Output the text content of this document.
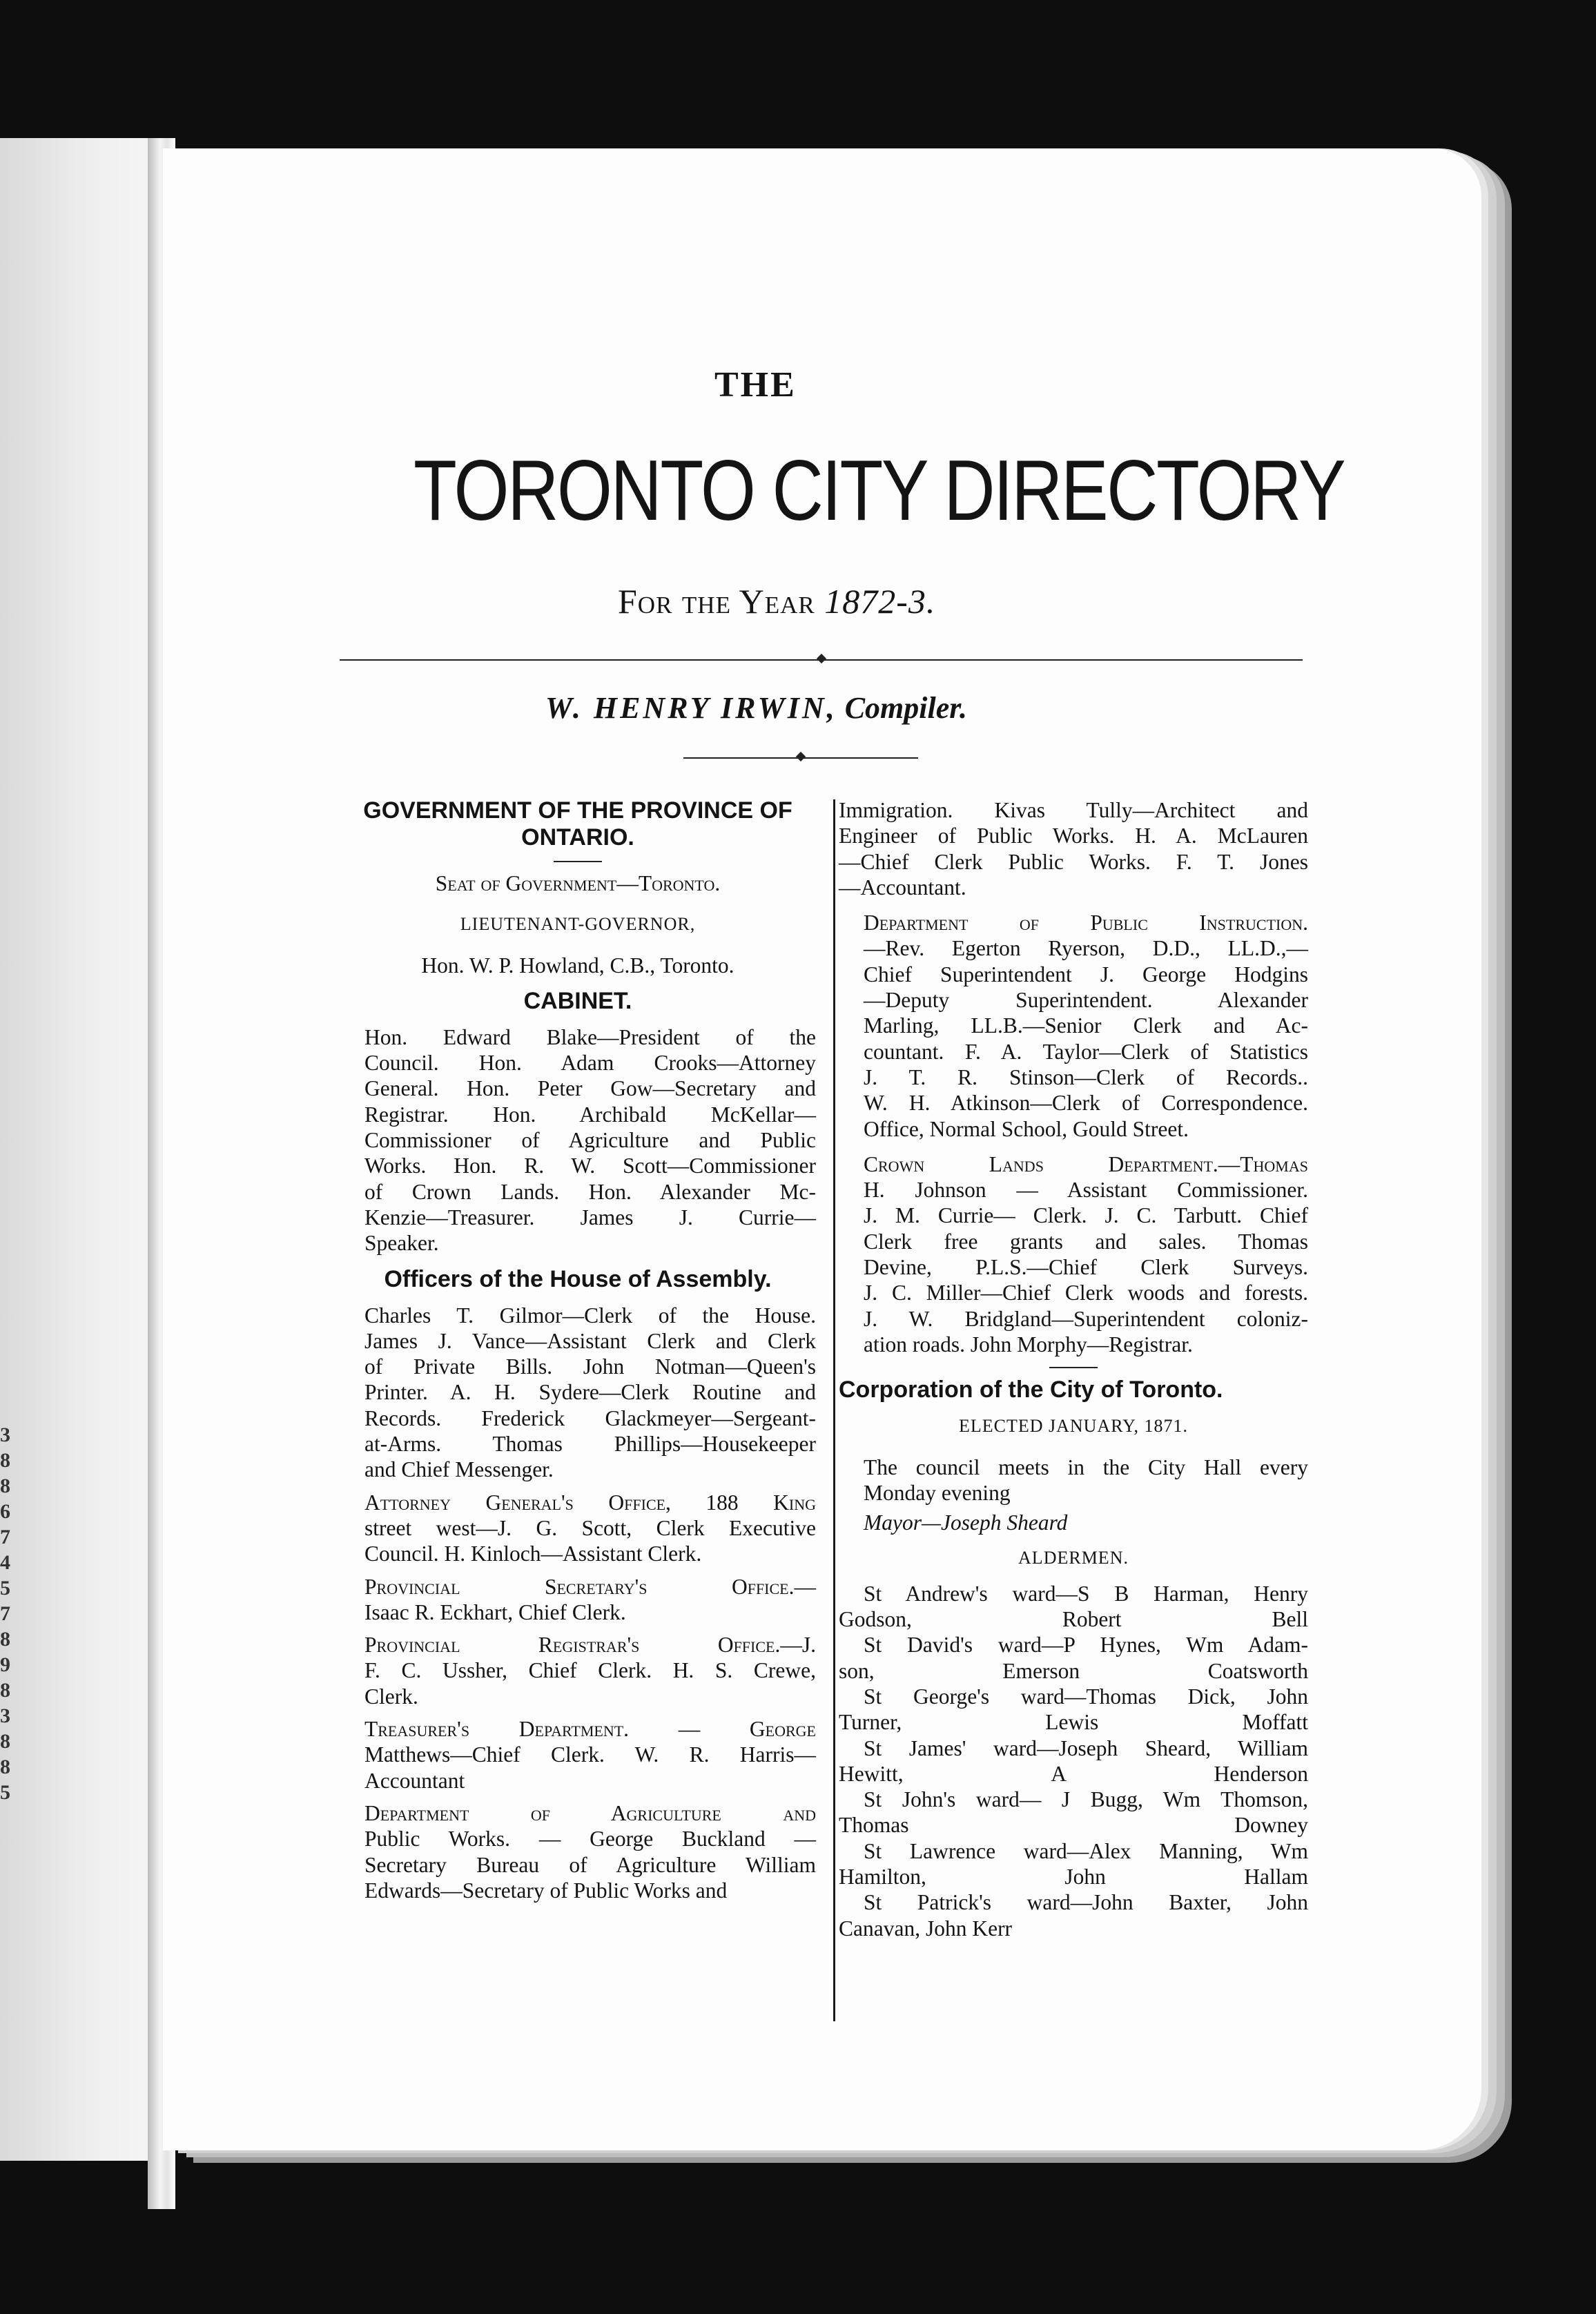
3
8
8
6
7
4
5
7
8
9
8
3
8
8
5
THE
TORONTO CITY DIRECTORY
For the Year 1872-3.
W. HENRY IRWIN, Compiler.
GOVERNMENT OF THE PROVINCE OF ONTARIO.
Seat of Government—Toronto.
LIEUTENANT-GOVERNOR,
Hon. W. P. Howland, C.B., Toronto.
CABINET.
Hon. Edward Blake—President of the
Council. Hon. Adam Crooks—Attorney
General. Hon. Peter Gow—Secretary and
Registrar. Hon. Archibald McKellar—
Commissioner of Agriculture and Public
Works. Hon. R. W. Scott—Commissioner
of Crown Lands. Hon. Alexander Mc-
Kenzie—Treasurer. James J. Currie—
Speaker.
Officers of the House of Assembly.
Charles T. Gilmor—Clerk of the House.
James J. Vance—Assistant Clerk and Clerk
of Private Bills. John Notman—Queen's
Printer. A. H. Sydere—Clerk Routine and
Records. Frederick Glackmeyer—Sergeant-
at-Arms. Thomas Phillips—Housekeeper
and Chief Messenger.
Attorney General's Office, 188 King
street west—J. G. Scott, Clerk Executive
Council. H. Kinloch—Assistant Clerk.
Provincial Secretary's Office.—
Isaac R. Eckhart, Chief Clerk.
Provincial Registrar's Office.—J.
F. C. Ussher, Chief Clerk. H. S. Crewe,
Clerk.
Treasurer's Department. — George
Matthews—Chief Clerk. W. R. Harris—
Accountant
Department of Agriculture and
Public Works. — George Buckland —
Secretary Bureau of Agriculture William
Edwards—Secretary of Public Works and
Immigration. Kivas Tully—Architect and
Engineer of Public Works. H. A. McLauren
—Chief Clerk Public Works. F. T. Jones
—Accountant.
Department of Public Instruction.
—Rev. Egerton Ryerson, D.D., LL.D.,—
Chief Superintendent J. George Hodgins
—Deputy Superintendent. Alexander
Marling, LL.B.—Senior Clerk and Ac-
countant. F. A. Taylor—Clerk of Statistics
J. T. R. Stinson—Clerk of Records..
W. H. Atkinson—Clerk of Correspondence.
Office, Normal School, Gould Street.
Crown Lands Department.—Thomas
H. Johnson — Assistant Commissioner.
J. M. Currie— Clerk. J. C. Tarbutt. Chief
Clerk free grants and sales. Thomas
Devine, P.L.S.—Chief Clerk Surveys.
J. C. Miller—Chief Clerk woods and forests.
J. W. Bridgland—Superintendent coloniz-
ation roads. John Morphy—Registrar.
Corporation of the City of Toronto.
ELECTED JANUARY, 1871.
The council meets in the City Hall every
Monday evening
Mayor—Joseph Sheard
ALDERMEN.
St Andrew's ward—S B Harman, Henry
Godson, Robert Bell
St David's ward—P Hynes, Wm Adam-
son, Emerson Coatsworth
St George's ward—Thomas Dick, John
Turner, Lewis Moffatt
St James' ward—Joseph Sheard, William
Hewitt, A Henderson
St John's ward— J Bugg, Wm Thomson,
Thomas Downey
St Lawrence ward—Alex Manning, Wm
Hamilton, John Hallam
St Patrick's ward—John Baxter, John
Canavan, John Kerr
